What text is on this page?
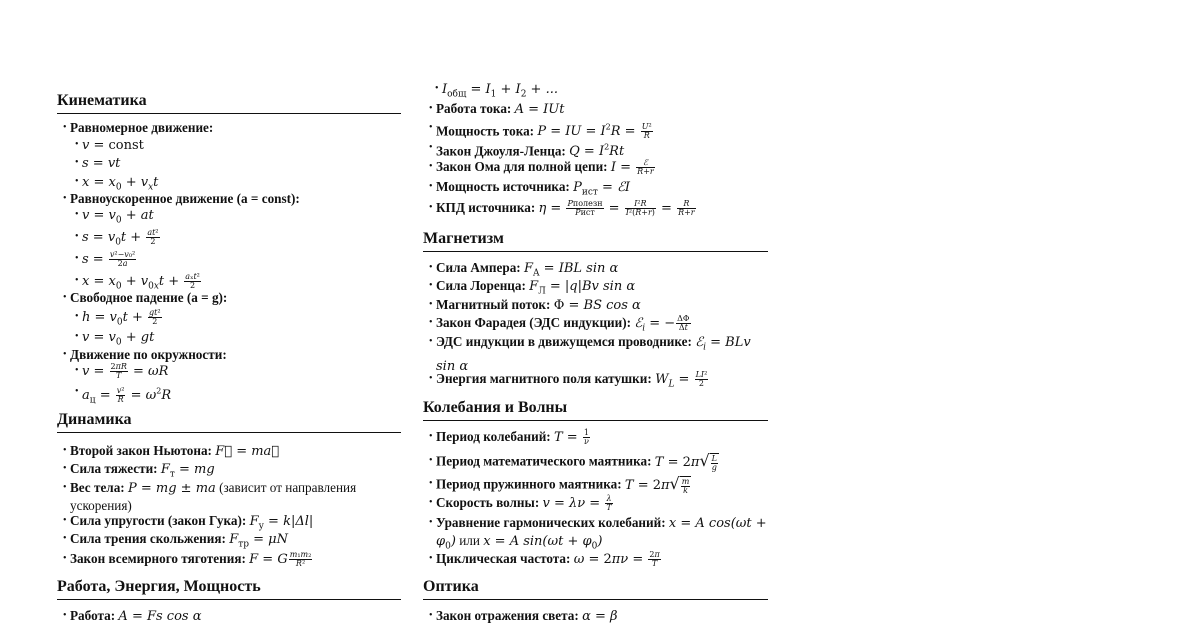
Кинематика
• Равномерное движение:
• v = const
• s = vt
• $x = x_0 + v_xt$
• Равноускоренное движение (a = const):
• $v = v_0$ + at
• $s = v_0t + \frac{\text{at²}}{2}$
• $s = \frac{\text{v²−v₀²}}{2a}$
• $x = x_0 + v_{0x}t + \frac{\text{aₓt²}}{2}$
• Свободное падение (a = g):
• $h = v_0t + \frac{\text{gt²}}{2}$
• $v = v_0$ + gt
• Движение по окружности:
• $v = \frac{2\pi R}{T} = \omega R$
• $a_ц = \frac{\text{v²}}{R} = \omega^2R$
Динамика
• Второй закон Ньютона: F⃗ = ma⃗
• Сила тяжести: $F_т$ = mg
• Вес тела: P = mg ± ma (зависит от направления ускорения)
• Сила упругости (закон Гука): $F_у = k|\Delta l|$
• Сила трения скольжения: $F_{тр} = \mu N$
• Закон всемирного тяготения: F = G $\frac{\text{m₁m₂}}{\text{R²}}$
Работа, Энергия, Мощность
• Работа: A = Fs cos α
• $I_{общ} = I_1 + I_2$ + ...
• Работа тока: A = IUt
• Мощность тока: P = IU = $I^2R = \frac{\text{U²}}{R}$
• Закон Джоуля-Ленца: $Q = I^2Rt$
• Закон Ома для полной цепи: $I = \frac{\text{ℰ}}{R+r}$
• Мощность источника: $P_{ист}$ = ℰI
• КПД источника: $\eta = \frac{\text{Pполезн}}{\text{Pист}} = \frac{\text{I²R}}{\text{I²(R+r)}} = \frac{R}{R+r}$
Магнетизм
• Сила Ампера: $F_A$ = IBL sin α
• Сила Лоренца: $F_Л = |q|Bv$ sin α
• Магнитный поток: Φ = BS cos α
• Закон Фарадея (ЭДС индукции): ℰ$_i$ = − $\frac{\Delta\Phi}{\Delta t}$
• ЭДС индукции в движущемся проводнике: ℰ$_i$ = BLv sin α
• Энергия магнитного поля катушки: $W_L = \frac{\text{LI²}}{2}$
Колебания и Волны
• Период колебаний: $T = \frac{1}{\nu}$
• Период математического маятника: $T = 2\pi√ \frac{L}{g}$
• Период пружинного маятника: $T = 2\pi√ \frac{m}{k}$
• Скорость волны: $v = \lambda\nu = \frac{\lambda}{T}$
• Уравнение гармонических колебаний: x = A $\cos(\omega t + \varphi_0)$ или x = A $\sin(\omega t + \varphi_0)$
• Циклическая частота: $\omega = 2\pi\nu = \frac{2\pi}{T}$
Оптика
• Закон отражения света: α = β
